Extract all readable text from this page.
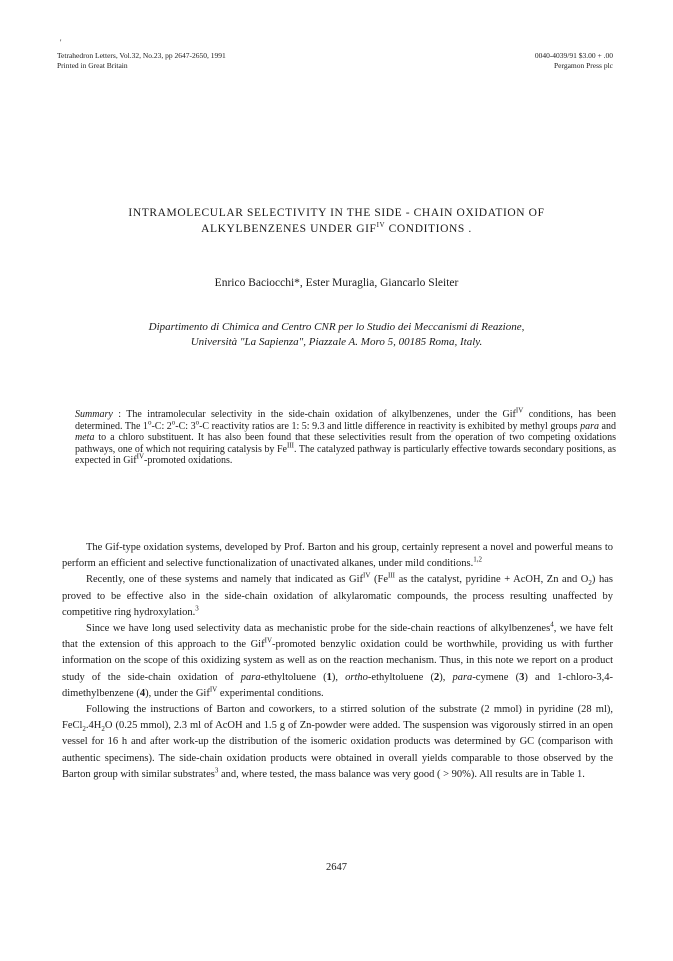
'
Tetrahedron Letters, Vol.32, No.23, pp 2647-2650, 1991
Printed in Great Britain
0040-4039/91 $3.00 + .00
Pergamon Press plc
INTRAMOLECULAR SELECTIVITY IN THE SIDE - CHAIN OXIDATION OF
ALKYLBENZENES UNDER $GIF^{IV}$ CONDITIONS .
Enrico Baciocchi*, Ester Muraglia, Giancarlo Sleiter
Dipartimento di Chimica and Centro CNR per lo Studio dei Meccanismi di Reazione,
Università "La Sapienza", Piazzale A. Moro 5, 00185 Roma, Italy.
Summary : The intramolecular selectivity in the side-chain oxidation of alkylbenzenes, under the Gif$^{IV}$ conditions, has been determined. The 1$^o$-C: 2$^o$-C: 3$^o$-C reactivity ratios are 1: 5: 9.3 and little difference in reactivity is exhibited by methyl groups para and meta to a chloro substituent. It has also been found that these selectivities result from the operation of two competing oxidations pathways, one of which not requiring catalysis by $Fe^{III}$. The catalyzed pathway is particularly effective towards secondary positions, as expected in Gif$^{IV}$-promoted oxidations.

The Gif-type oxidation systems, developed by Prof. Barton and his group, certainly represent a novel and powerful means to perform an efficient and selective functionalization of unactivated alkanes, under mild conditions.$^{1,2}$

Recently, one of these systems and namely that indicated as Gif$^{IV}$ ($Fe^{III}$ as the catalyst, pyridine + AcOH, Zn and $O_2$) has proved to be effective also in the side-chain oxidation of alkylaromatic compounds, the process resulting unaffected by competitive ring hydroxylation.$^3$

Since we have long used selectivity data as mechanistic probe for the side-chain reactions of alkylbenzenes$^4$, we have felt that the extension of this approach to the Gif$^{IV}$-promoted benzylic oxidation could be worthwhile, providing us with further information on the scope of this oxidizing system as well as on the reaction mechanism. Thus, in this note we report on a product study of the side-chain oxidation of para-ethyltoluene (1), ortho-ethyltoluene (2), para-cymene (3) and 1-chloro-3,4-dimethylbenzene (4), under the Gif$^{IV}$ experimental conditions.

Following the instructions of Barton and coworkers, to a stirred solution of the substrate (2 mmol) in pyridine (28 ml), $FeCl_2.4H_2O$ (0.25 mmol), 2.3 ml of AcOH and 1.5 g of Zn-powder were added. The suspension was vigorously stirred in an open vessel for 16 h and after work-up the distribution of the isomeric oxidation products was determined by GC (comparison with authentic specimens). The side-chain oxidation products were obtained in overall yields comparable to those observed by the Barton group with similar substrates$^3$ and, where tested, the mass balance was very good ( > 90%). All results are in Table 1.

2647
